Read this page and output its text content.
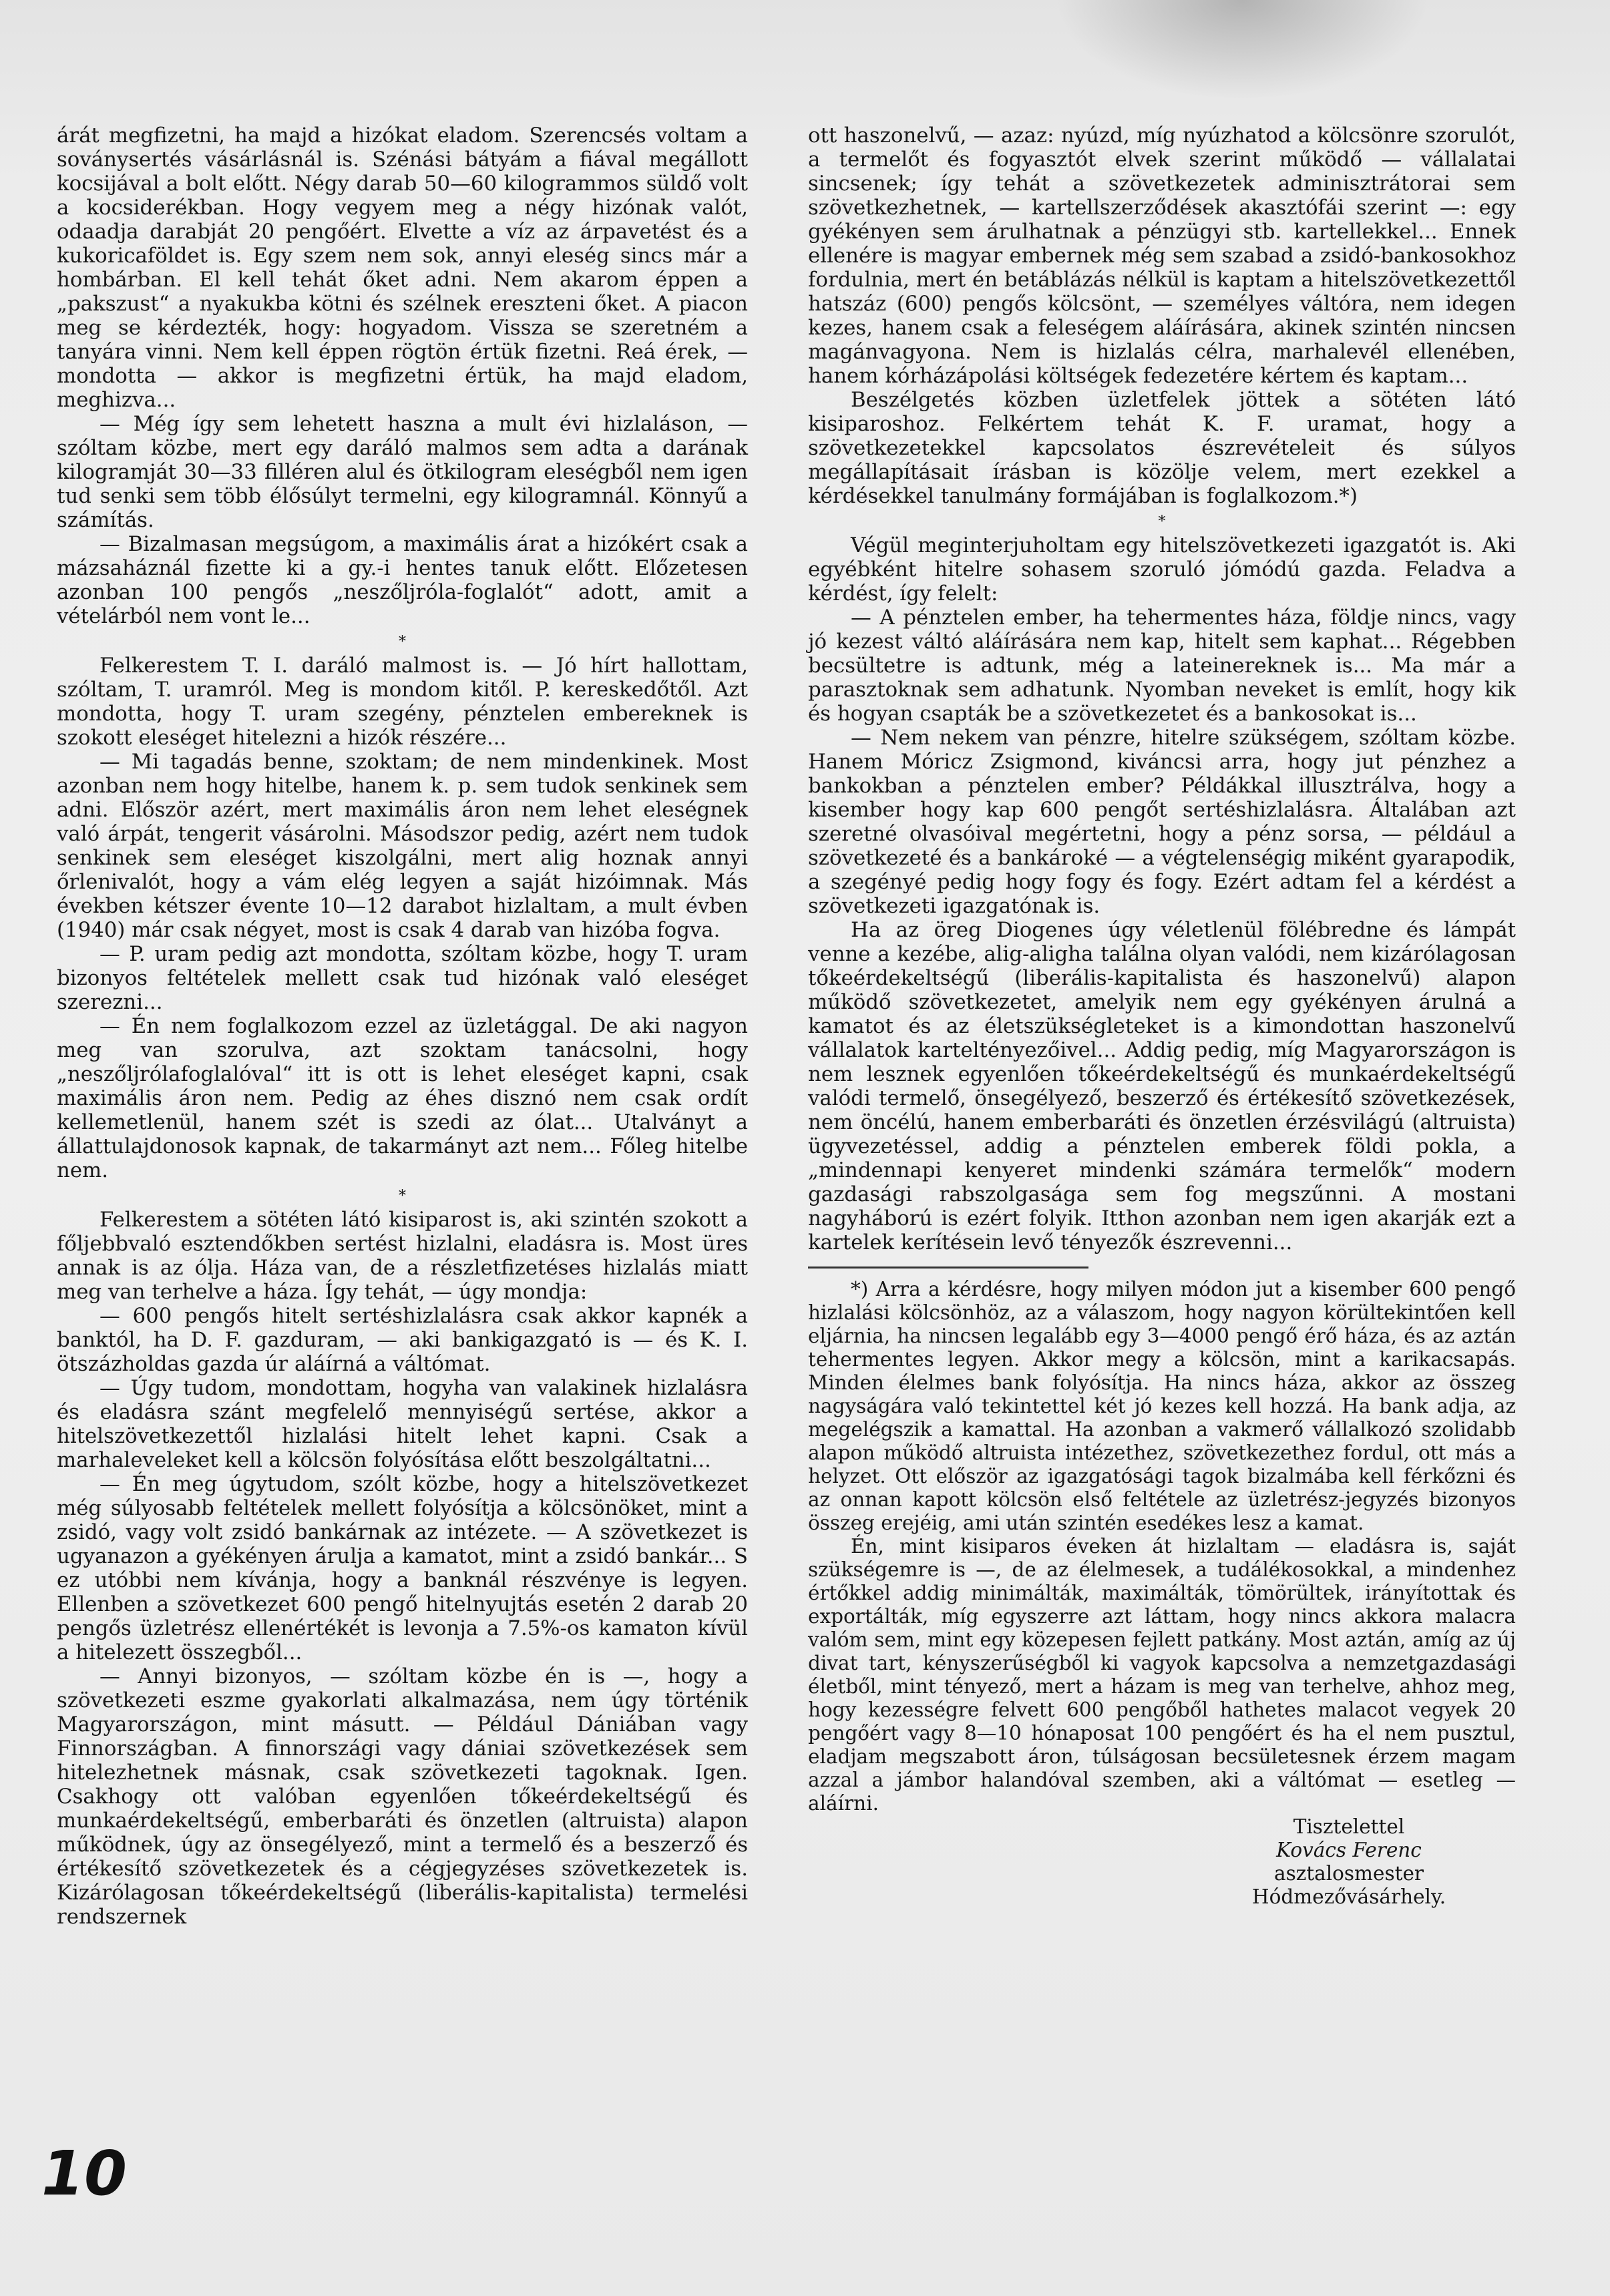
árát megfizetni, ha majd a hizókat eladom. Szerencsés voltam a soványsertés vásárlásnál is. Szénási bátyám a fiával megállott kocsijával a bolt előtt. Négy darab 50—60 kilogrammos süldő volt a kocsiderékban. Hogy vegyem meg a négy hizónak valót, odaadja darabját 20 pengőért. Elvette a víz az árpavetést és a kukoricaföldet is. Egy szem nem sok, annyi eleség sincs már a hombárban. El kell tehát őket adni. Nem akarom éppen a „pakszust“ a nyakukba kötni és szélnek ereszteni őket. A piacon meg se kérdezték, hogy: hogyadom. Vissza se szeretném a tanyára vinni. Nem kell éppen rögtön értük fizetni. Reá érek, — mondotta — akkor is megfizetni értük, ha majd eladom, meghizva...

— Még így sem lehetett haszna a mult évi hizlaláson, — szóltam közbe, mert egy daráló malmos sem adta a darának kilogramját 30—33 filléren alul és ötkilogram eleségből nem igen tud senki sem több élősúlyt termelni, egy kilogramnál. Könnyű a számítás.

— Bizalmasan megsúgom, a maximális árat a hizókért csak a mázsaháznál fizette ki a gy.-i hentes tanuk előtt. Előzetesen azonban 100 pengős „neszőljróla-foglalót“ adott, amit a vételárból nem vont le...

*

Felkerestem T. I. daráló malmost is. — Jó hírt hallottam, szóltam, T. uramról. Meg is mondom kitől. P. kereskedőtől. Azt mondotta, hogy T. uram szegény, pénztelen embereknek is szokott eleséget hitelezni a hizók részére...

— Mi tagadás benne, szoktam; de nem mindenkinek. Most azonban nem hogy hitelbe, hanem k. p. sem tudok senkinek sem adni. Először azért, mert maximális áron nem lehet eleségnek való árpát, tengerit vásárolni. Másodszor pedig, azért nem tudok senkinek sem eleséget kiszolgálni, mert alig hoznak annyi őrlenivalót, hogy a vám elég legyen a saját hizóimnak. Más években kétszer évente 10—12 darabot hizlaltam, a mult évben (1940) már csak négyet, most is csak 4 darab van hizóba fogva.

— P. uram pedig azt mondotta, szóltam közbe, hogy T. uram bizonyos feltételek mellett csak tud hizónak való eleséget szerezni...

— Én nem foglalkozom ezzel az üzletággal. De aki nagyon meg van szorulva, azt szoktam tanácsolni, hogy „neszőljrólafoglalóval“ itt is ott is lehet eleséget kapni, csak maximális áron nem. Pedig az éhes disznó nem csak ordít kellemetlenül, hanem szét is szedi az ólat... Utalványt a állattulajdonosok kapnak, de takarmányt azt nem... Főleg hitelbe nem.

*

Felkerestem a sötéten látó kisiparost is, aki szintén szokott a főljebbvaló esztendőkben sertést hizlalni, eladásra is. Most üres annak is az ólja. Háza van, de a részletfizetéses hizlalás miatt meg van terhelve a háza. Így tehát, — úgy mondja:

— 600 pengős hitelt sertéshizlalásra csak akkor kapnék a banktól, ha D. F. gazduram, — aki bankigazgató is — és K. I. ötszázholdas gazda úr aláírná a váltómat.

— Úgy tudom, mondottam, hogyha van valakinek hizlalásra és eladásra szánt megfelelő mennyiségű sertése, akkor a hitelszövetkezettől hizlalási hitelt lehet kapni. Csak a marhaleveleket kell a kölcsön folyósítása előtt beszolgáltatni...

— Én meg úgytudom, szólt közbe, hogy a hitelszövetkezet még súlyosabb feltételek mellett folyósítja a kölcsönöket, mint a zsidó, vagy volt zsidó bankárnak az intézete. — A szövetkezet is ugyanazon a gyékényen árulja a kamatot, mint a zsidó bankár... S ez utóbbi nem kívánja, hogy a banknál részvénye is legyen. Ellenben a szövetkezet 600 pengő hitelnyujtás esetén 2 darab 20 pengős üzletrész ellenértékét is levonja a 7.5%-os kamaton kívül a hitelezett összegből...

— Annyi bizonyos, — szóltam közbe én is —, hogy a szövetkezeti eszme gyakorlati alkalmazása, nem úgy történik Magyarországon, mint másutt. — Például Dániában vagy Finnországban. A finnországi vagy dániai szövetkezések sem hitelezhetnek másnak, csak szövetkezeti tagoknak. Igen. Csakhogy ott valóban egyenlően tőkeérdekeltségű és munkaérdekeltségű, emberbaráti és önzetlen (altruista) alapon működnek, úgy az önsegélyező, mint a termelő és a beszerző és értékesítő szövetkezetek és a cégjegyzéses szövetkezetek is. Kizárólagosan tőkeérdekeltségű (liberális-kapitalista) termelési rendszernek

ott haszonelvű, — azaz: nyúzd, míg nyúzhatod a kölcsönre szorulót, a termelőt és fogyasztót elvek szerint működő — vállalatai sincsenek; így tehát a szövetkezetek adminisztrátorai sem szövetkezhetnek, — kartellszerződések akasztófái szerint —: egy gyékényen sem árulhatnak a pénzügyi stb. kartellekkel... Ennek ellenére is magyar embernek még sem szabad a zsidó-bankosokhoz fordulnia, mert én betáblázás nélkül is kaptam a hitelszövetkezettől hatszáz (600) pengős kölcsönt, — személyes váltóra, nem idegen kezes, hanem csak a feleségem aláírására, akinek szintén nincsen magánvagyona. Nem is hizlalás célra, marhalevél ellenében, hanem kórházápolási költségek fedezetére kértem és kaptam...

Beszélgetés közben üzletfelek jöttek a sötéten látó kisiparoshoz. Felkértem tehát K. F. uramat, hogy a szövetkezetekkel kapcsolatos észrevételeit és súlyos megállapításait írásban is közölje velem, mert ezekkel a kérdésekkel tanulmány formájában is foglalkozom.*)

*

Végül meginterjuholtam egy hitelszövetkezeti igazgatót is. Aki egyébként hitelre sohasem szoruló jómódú gazda. Feladva a kérdést, így felelt:

— A pénztelen ember, ha tehermentes háza, földje nincs, vagy jó kezest váltó aláírására nem kap, hitelt sem kaphat... Régebben becsültetre is adtunk, még a lateinereknek is... Ma már a parasztoknak sem adhatunk. Nyomban neveket is említ, hogy kik és hogyan csapták be a szövetkezetet és a bankosokat is...

— Nem nekem van pénzre, hitelre szükségem, szóltam közbe. Hanem Móricz Zsigmond, kiváncsi arra, hogy jut pénzhez a bankokban a pénztelen ember? Példákkal illusztrálva, hogy a kisember hogy kap 600 pengőt sertéshizlalásra. Általában azt szeretné olvasóival megértetni, hogy a pénz sorsa, — például a szövetkezeté és a bankároké — a végtelenségig miként gyarapodik, a szegényé pedig hogy fogy és fogy. Ezért adtam fel a kérdést a szövetkezeti igazgatónak is.

Ha az öreg Diogenes úgy véletlenül fölébredne és lámpát venne a kezébe, alig-aligha találna olyan valódi, nem kizárólagosan tőkeérdekeltségű (liberális-kapitalista és haszonelvű) alapon működő szövetkezetet, amelyik nem egy gyékényen árulná a kamatot és az életszükségleteket is a kimondottan haszonelvű vállalatok karteltényezőivel... Addig pedig, míg Magyarországon is nem lesznek egyenlően tőkeérdekeltségű és munkaérdekeltségű valódi termelő, önsegélyező, beszerző és értékesítő szövetkezések, nem öncélú, hanem emberbaráti és önzetlen érzésvilágú (altruista) ügyvezetéssel, addig a pénztelen emberek földi pokla, a „mindennapi kenyeret mindenki számára termelők“ modern gazdasági rabszolgasága sem fog megszűnni. A mostani nagyháború is ezért folyik. Itthon azonban nem igen akarják ezt a kartelek kerítésein levő tényezők észrevenni...

*) Arra a kérdésre, hogy milyen módon jut a kisember 600 pengő hizlalási kölcsönhöz, az a válaszom, hogy nagyon körültekintően kell eljárnia, ha nincsen legalább egy 3—4000 pengő érő háza, és az aztán tehermentes legyen. Akkor megy a kölcsön, mint a karikacsapás. Minden élelmes bank folyósítja. Ha nincs háza, akkor az összeg nagyságára való tekintettel két jó kezes kell hozzá. Ha bank adja, az megelégszik a kamattal. Ha azonban a vakmerő vállalkozó szolidabb alapon működő altruista intézethez, szövetkezethez fordul, ott más a helyzet. Ott először az igazgatósági tagok bizalmába kell férkőzni és az onnan kapott kölcsön első feltétele az üzletrész-jegyzés bizonyos összeg erejéig, ami után szintén esedékes lesz a kamat.

Én, mint kisiparos éveken át hizlaltam — eladásra is, saját szükségemre is —, de az élelmesek, a tudálékosokkal, a mindenhez értőkkel addig minimálták, maximálták, tömörültek, irányítottak és exportálták, míg egyszerre azt láttam, hogy nincs akkora malacra valóm sem, mint egy közepesen fejlett patkány. Most aztán, amíg az új divat tart, kényszerűségből ki vagyok kapcsolva a nemzetgazdasági életből, mint tényező, mert a házam is meg van terhelve, ahhoz meg, hogy kezességre felvett 600 pengőből hathetes malacot vegyek 20 pengőért vagy 8—10 hónaposat 100 pengőért és ha el nem pusztul, eladjam megszabott áron, túlságosan becsületesnek érzem magam azzal a jámbor halandóval szemben, aki a váltómat — esetleg — aláírni.

Tisztelettel
Kovács Ferenc
asztalosmester
Hódmezővásárhely.
10
